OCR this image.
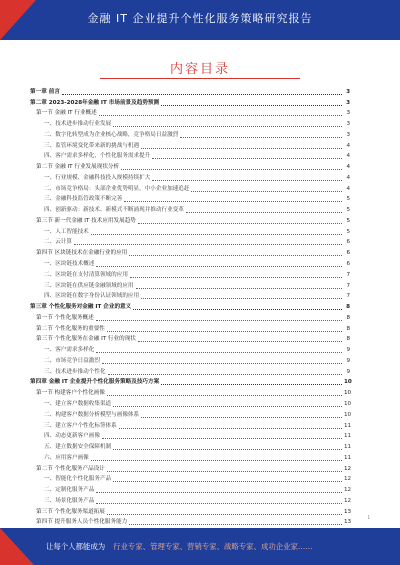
金融 IT 企业提升个性化服务策略研究报告
内容目录
第一章 前言	3
第二章 2023-2028年金融 IT 市场前景及趋势预测	3
第一节 金融 IT 行业概述	3
一、技术进步推动行业发展	3
二、数字化转型成为企业核心战略，竞争格局日益激烈	3
三、监管环境变化带来新的挑战与机遇	4
四、客户需求多样化，个性化服务需求提升	4
第二节 金融 IT 行业发展现状分析	4
一、行业规模、金融科技投入规模持续扩大	4
二、市场竞争格局：头部企业优势明显，中小企业加速追赶	4
三、金融科技监管政策不断完善	5
四、创新驱动：新技术、新模式不断涌现并推动行业变革	5
第三节 新一代金融 IT 技术应用发展趋势	5
一、人工智能技术	5
二、云计算	6
第四节 区块链技术在金融行业的应用	6
一、区块链技术概述	6
二、区块链在支付清算领域的应用	7
三、区块链在供应链金融领域的应用	7
四、区块链在数字身份认证领域的应用	7
第三章 个性化服务对金融 IT 企业的意义	8
第一节 个性化服务概述	8
第二节 个性化服务的重要性	8
第三节 个性化服务在金融 IT 行业的现状	8
一、客户需求多样化	9
二、市场竞争日益激烈	9
三、技术进步推动个性化	9
第四章 金融 IT 企业提升个性化服务策略及技巧方案	10
第一节 构建客户个性化画像	10
一、建立客户数据收集渠道	10
二、构建客户数据分析模型与画像体系	10
三、建立客户个性化标签体系	11
四、动态更新客户画像	11
五、建立数据安全保障机制	11
六、应用客户画像	11
第二节 个性化服务产品设计	12
一、智能化个性化服务产品	12
二、定制化服务产品	12
三、场景化服务产品	12
第三节 个性化服务渠道拓展	13
第四节 提升服务人员个性化服务能力	13
1
让每个人都能成为 行业专家、管理专家、营销专家、战略专家、成功企业家……
